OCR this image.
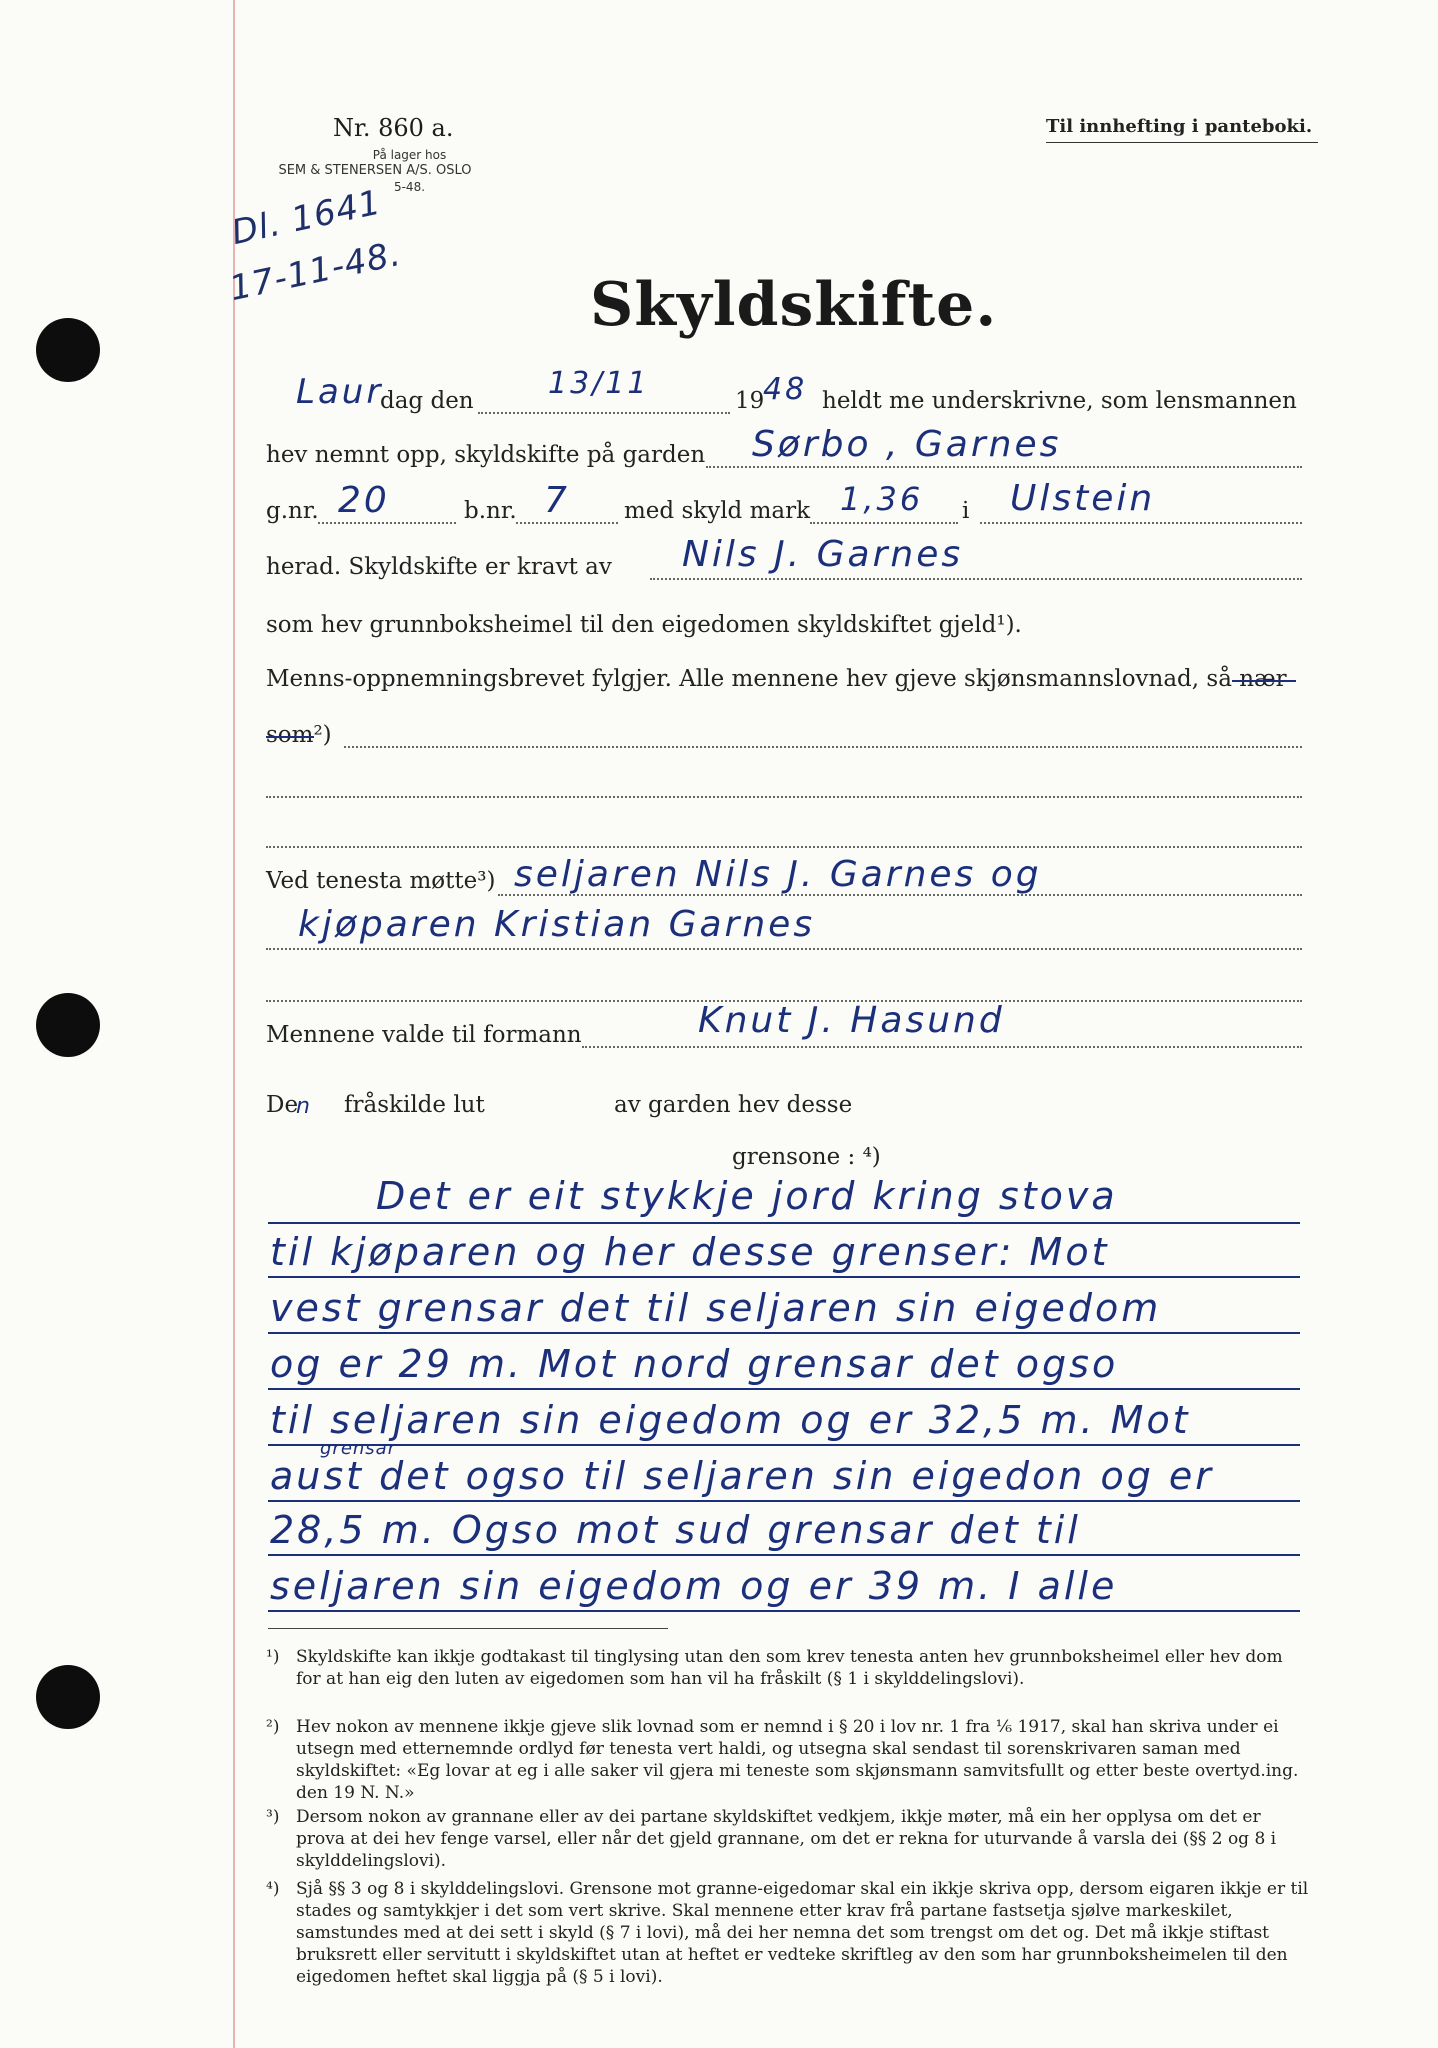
Nr. 860 a.
På lager hos
SEM & STENERSEN A/S. OSLO
5-48.
Til innhefting i panteboki.
Dl. 1641
17-11-48.	Skyldskifte.
Laur
dag den 13/11	19
48 heldt me underskrivne, som lensmannen
hev nemnt opp, skyldskifte på garden Sørbo , Garnes
g.nr. 20	b.nr. 7 med skyld mark 1,36 i Ulstein
herad. Skyldskifte er kravt av Nils J. Garnes
som hev grunnboksheimel til den eigedomen skyldskiftet gjeld¹).
Menns-oppnemningsbrevet fylgjer. Alle mennene hev gjeve skjønsmannslovnad, så nær
som²)
Ved tenesta møtte³) seljaren Nils J. Garnes og
kjøparen Kristian Garnes
Mennene valde til formann	Knut J. Hasund
De
n fråskilde lut	av garden hev desse
grensone : ⁴)
Det er eit stykkje jord kring stova
til kjøparen og her desse grenser: Mot
vest grensar det til seljaren sin eigedom
og er 29 m. Mot nord grensar det ogso
til seljaren sin eigedom og er 32,5 m. Mot
grensar
aust det ogso til seljaren sin eigedon og er
28,5 m. Ogso mot sud grensar det til
seljaren sin eigedom og er 39 m. I alle
¹) Skyldskifte kan ikkje godtakast til tinglysing utan den som krev tenesta anten hev grunnboksheimel eller hev dom for at han eig den luten av eigedomen som han vil ha fråskilt (§ 1 i skylddelingslovi).
²) Hev nokon av mennene ikkje gjeve slik lovnad som er nemnd i § 20 i lov nr. 1 fra ⅙ 1917, skal han skriva under ei utsegn med etternemnde ordlyd før tenesta vert haldi, og utsegna skal sendast til sorenskrivaren saman med skyldskiftet: «Eg lovar at eg i alle saker vil gjera mi teneste som skjønsmann samvitsfullt og etter beste overtyd.ing. den 19 N. N.»
³) Dersom nokon av grannane eller av dei partane skyldskiftet vedkjem, ikkje møter, må ein her opplysa om det er prova at dei hev fenge varsel, eller når det gjeld grannane, om det er rekna for uturvande å varsla dei (§§ 2 og 8 i skylddelingslovi).
⁴) Sjå §§ 3 og 8 i skylddelingslovi. Grensone mot granne-eigedomar skal ein ikkje skriva opp, dersom eigaren ikkje er til stades og samtykkjer i det som vert skrive. Skal mennene etter krav frå partane fastsetja sjølve markeskilet, samstundes med at dei sett i skyld (§ 7 i lovi), må dei her nemna det som trengst om det og. Det må ikkje stiftast bruksrett eller servitutt i skyldskiftet utan at heftet er vedteke skriftleg av den som har grunnboksheimelen til den eigedomen heftet skal liggja på (§ 5 i lovi).
